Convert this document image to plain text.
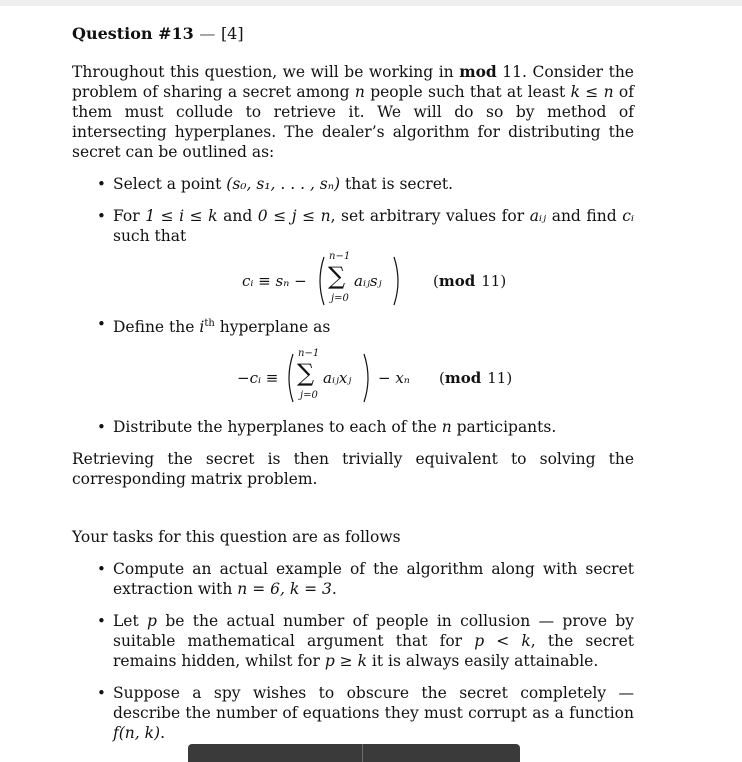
Question #13 — [4]

Throughout this question, we will be working in mod 11. Consider the problem of sharing a secret among n people such that at least k ≤ n of them must collude to retrieve it. We will do so by method of intersecting hyperplanes. The dealer’s algorithm for distributing the secret can be outlined as:

• Select a point (s₀, s₁, . . . , sₙ) that is secret.
• For 1 ≤ i ≤ k and 0 ≤ j ≤ n, set arbitrary values for aᵢⱼ and find cᵢ such that
cᵢ ≡ sₙ −
n−1
∑
j=0
aᵢⱼsⱼ	(mod 11)
• Define the $i^{th}$ hyperplane as
−cᵢ ≡
n−1
∑
j=0
aᵢⱼxⱼ − xₙ (mod 11)
• Distribute the hyperplanes to each of the n participants.

Retrieving the secret is then trivially equivalent to solving the corresponding matrix problem.

Your tasks for this question are as follows

• Compute an actual example of the algorithm along with secret extraction with n = 6, k = 3.
• Let p be the actual number of people in collusion — prove by suitable mathematical argument that for p < k, the secret remains hidden, whilst for p ≥ k it is always easily attainable.
• Suppose a spy wishes to obscure the secret completely — describe the number of equations they must corrupt as a function f(n, k).
